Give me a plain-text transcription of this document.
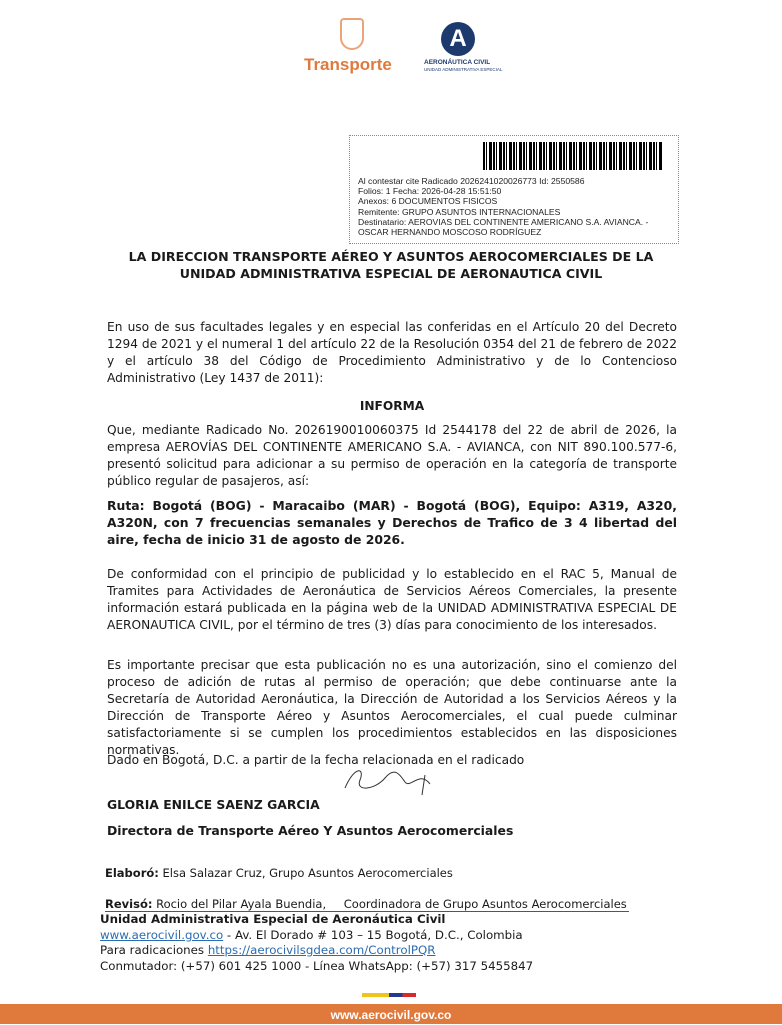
Transporte
A
AERONÁUTICA CIVIL
UNIDAD ADMINISTRATIVA ESPECIAL
Al contestar cite Radicado 2026241020026773 Id: 2550586
Folios: 1 Fecha: 2026-04-28 15:51:50
Anexos: 6 DOCUMENTOS FISICOS
Remitente: GRUPO ASUNTOS INTERNACIONALES
Destinatario: AEROVIAS DEL CONTINENTE AMERICANO S.A. AVIANCA. -
OSCAR HERNANDO MOSCOSO RODRÍGUEZ
LA DIRECCION TRANSPORTE AÉREO Y ASUNTOS AEROCOMERCIALES DE LA
UNIDAD ADMINISTRATIVA ESPECIAL DE AERONAUTICA CIVIL
En uso de sus facultades legales y en especial las conferidas en el Artículo 20 del Decreto 1294 de 2021 y el numeral 1 del artículo 22 de la Resolución 0354 del 21 de febrero de 2022 y el artículo 38 del Código de Procedimiento Administrativo y de lo Contencioso Administrativo (Ley 1437 de 2011):
INFORMA
Que, mediante Radicado No. 2026190010060375 Id 2544178 del 22 de abril de 2026, la empresa AEROVÍAS DEL CONTINENTE AMERICANO S.A. - AVIANCA, con NIT 890.100.577-6, presentó solicitud para adicionar a su permiso de operación en la categoría de transporte público regular de pasajeros, así:
Ruta: Bogotá (BOG) - Maracaibo (MAR) - Bogotá (BOG), Equipo: A319, A320, A320N, con 7 frecuencias semanales y Derechos de Trafico de 3 4 libertad del aire, fecha de inicio 31 de agosto de 2026.
De conformidad con el principio de publicidad y lo establecido en el RAC 5, Manual de Tramites para Actividades de Aeronáutica de Servicios Aéreos Comerciales, la presente información estará publicada en la página web de la UNIDAD ADMINISTRATIVA ESPECIAL DE AERONAUTICA CIVIL, por el término de tres (3) días para conocimiento de los interesados.
Es importante precisar que esta publicación no es una autorización, sino el comienzo del proceso de adición de rutas al permiso de operación; que debe continuarse ante la Secretaría de Autoridad Aeronáutica, la Dirección de Autoridad a los Servicios Aéreos y la Dirección de Transporte Aéreo y Asuntos Aerocomerciales, el cual puede culminar satisfactoriamente si se cumplen los procedimientos establecidos en las disposiciones normativas.
Dado en Bogotá, D.C. a partir de la fecha relacionada en el radicado
GLORIA ENILCE SAENZ GARCIA
Directora de Transporte Aéreo Y Asuntos Aerocomerciales
Elaboró: Elsa Salazar Cruz, Grupo Asuntos Aerocomerciales
Revisó: Rocio del Pilar Ayala Buendia, Coordinadora de Grupo Asuntos Aerocomerciales
Unidad Administrativa Especial de Aeronáutica Civil
www.aerocivil.gov.co - Av. El Dorado # 103 – 15 Bogotá, D.C., Colombia
Para radicaciones https://aerocivilsgdea.com/ControlPQR
Conmutador: (+57) 601 425 1000 - Línea WhatsApp: (+57) 317 5455847
www.aerocivil.gov.co
